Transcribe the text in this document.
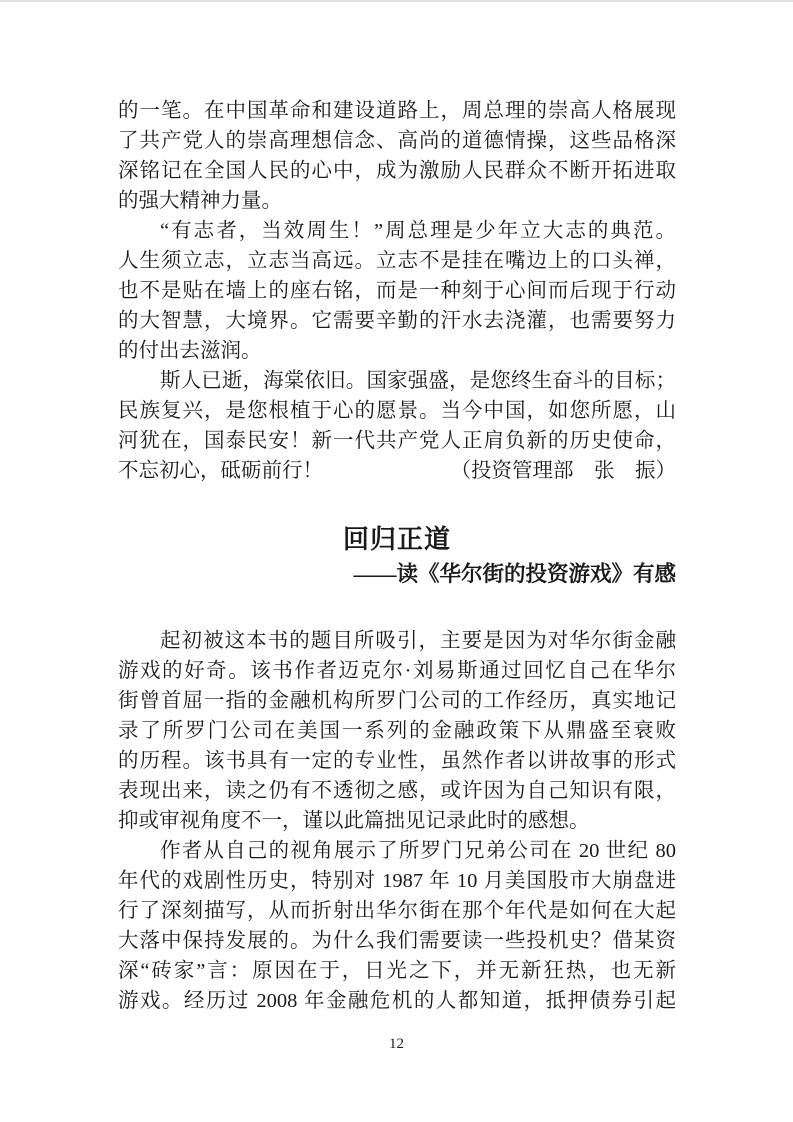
的一笔。在中国革命和建设道路上，周总理的崇高人格展现
了共产党人的崇高理想信念、高尚的道德情操，这些品格深
深铭记在全国人民的心中，成为激励人民群众不断开拓进取
的强大精神力量。
“有志者，当效周生！”周总理是少年立大志的典范。
人生须立志，立志当高远。立志不是挂在嘴边上的口头禅，
也不是贴在墙上的座右铭，而是一种刻于心间而后现于行动
的大智慧，大境界。它需要辛勤的汗水去浇灌，也需要努力
的付出去滋润。
斯人已逝，海棠依旧。国家强盛，是您终生奋斗的目标；
民族复兴，是您根植于心的愿景。当今中国，如您所愿，山
河犹在，国泰民安！新一代共产党人正肩负新的历史使命，
不忘初心，砥砺前行！	（投资管理部　张　振）
回归正道
——读《华尔街的投资游戏》有感
起初被这本书的题目所吸引，主要是因为对华尔街金融
游戏的好奇。该书作者迈克尔·刘易斯通过回忆自己在华尔
街曾首屈一指的金融机构所罗门公司的工作经历，真实地记
录了所罗门公司在美国一系列的金融政策下从鼎盛至衰败
的历程。该书具有一定的专业性，虽然作者以讲故事的形式
表现出来，读之仍有不透彻之感，或许因为自己知识有限，
抑或审视角度不一，谨以此篇拙见记录此时的感想。
作者从自己的视角展示了所罗门兄弟公司在 20 世纪 80
年代的戏剧性历史，特别对 1987 年 10 月美国股市大崩盘进
行了深刻描写，从而折射出华尔街在那个年代是如何在大起
大落中保持发展的。为什么我们需要读一些投机史？借某资
深“砖家”言：原因在于，日光之下，并无新狂热，也无新
游戏。经历过 2008 年金融危机的人都知道，抵押债券引起
12
